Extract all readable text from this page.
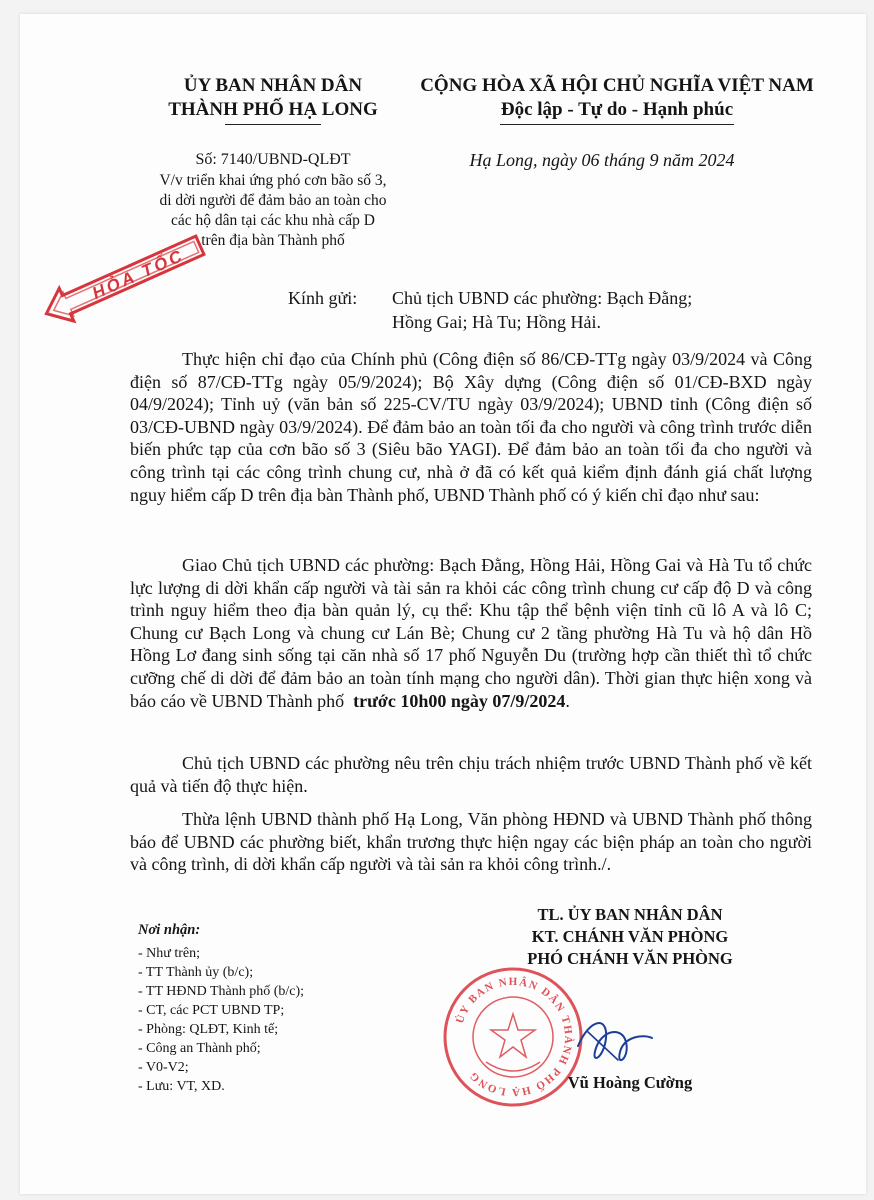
ỦY BAN NHÂN DÂN
THÀNH PHỐ HẠ LONG
CỘNG HÒA XÃ HỘI CHỦ NGHĨA VIỆT NAM
Độc lập - Tự do - Hạnh phúc
Số: 7140/UBND-QLĐT
V/v triển khai ứng phó cơn bão số 3,
di dời người để đảm bảo an toàn cho
các hộ dân tại các khu nhà cấp D
trên địa bàn Thành phố
Hạ Long, ngày 06 tháng 9 năm 2024
HỎA TỐC	Kính gửi: Chủ tịch UBND các phường: Bạch Đằng;
Hồng Gai; Hà Tu; Hồng Hải.

Thực hiện chỉ đạo của Chính phủ (Công điện số 86/CĐ-TTg ngày 03/9/2024 và Công điện số 87/CĐ-TTg ngày 05/9/2024); Bộ Xây dựng (Công điện số 01/CĐ-BXD ngày 04/9/2024); Tỉnh uỷ (văn bản số 225-CV/TU ngày 03/9/2024); UBND tỉnh (Công điện số 03/CĐ-UBND ngày 03/9/2024). Để đảm bảo an toàn tối đa cho người và công trình trước diễn biến phức tạp của cơn bão số 3 (Siêu bão YAGI). Để đảm bảo an toàn tối đa cho người và công trình tại các công trình chung cư, nhà ở đã có kết quả kiểm định đánh giá chất lượng nguy hiểm cấp D trên địa bàn Thành phố, UBND Thành phố có ý kiến chỉ đạo như sau:

Giao Chủ tịch UBND các phường: Bạch Đằng, Hồng Hải, Hồng Gai và Hà Tu tổ chức lực lượng di dời khẩn cấp người và tài sản ra khỏi các công trình chung cư cấp độ D và công trình nguy hiểm theo địa bàn quản lý, cụ thể: Khu tập thể bệnh viện tỉnh cũ lô A và lô C; Chung cư Bạch Long và chung cư Lán Bè; Chung cư 2 tầng phường Hà Tu và hộ dân Hồ Hồng Lơ đang sinh sống tại căn nhà số 17 phố Nguyễn Du (trường hợp cần thiết thì tổ chức cưỡng chế di dời để đảm bảo an toàn tính mạng cho người dân). Thời gian thực hiện xong và báo cáo về UBND Thành phố trước 10h00 ngày 07/9/2024.

Chủ tịch UBND các phường nêu trên chịu trách nhiệm trước UBND Thành phố về kết quả và tiến độ thực hiện.

Thừa lệnh UBND thành phố Hạ Long, Văn phòng HĐND và UBND Thành phố thông báo để UBND các phường biết, khẩn trương thực hiện ngay các biện pháp an toàn cho người và công trình, di dời khẩn cấp người và tài sản ra khỏi công trình./.

Nơi nhận:
- Như trên;
- TT Thành ủy (b/c);
- TT HĐND Thành phố (b/c);
- CT, các PCT UBND TP;
- Phòng: QLĐT, Kinh tế;
- Công an Thành phố;
- V0-V2;
- Lưu: VT, XD.
ỦY BAN NHÂN DÂN THÀNH PHỐ HẠ LONG
TL. ỦY BAN NHÂN DÂN
KT. CHÁNH VĂN PHÒNG
PHÓ CHÁNH VĂN PHÒNG
Vũ Hoàng Cường
